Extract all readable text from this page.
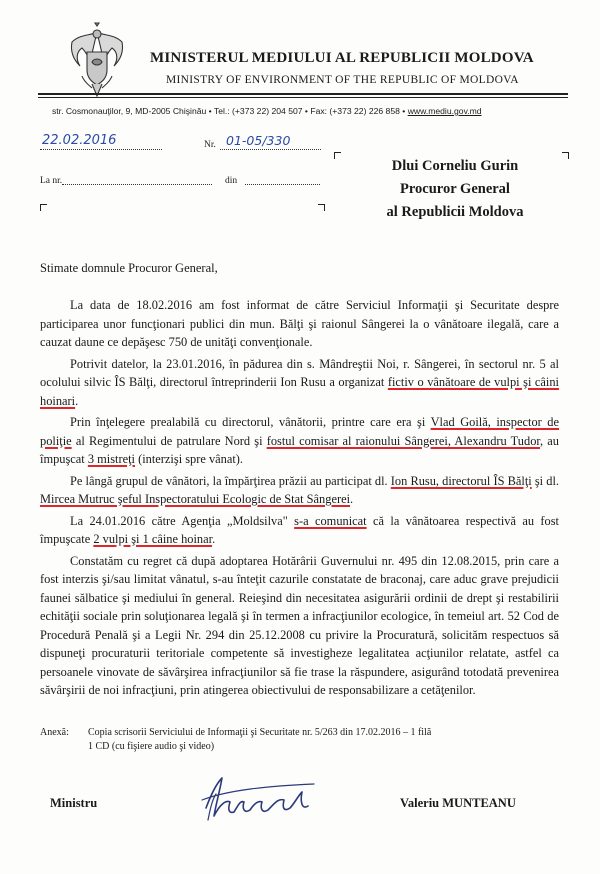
MINISTERUL MEDIULUI AL REPUBLICII MOLDOVA
MINISTRY OF ENVIRONMENT OF THE REPUBLIC OF MOLDOVA
str. Cosmonauţilor, 9, MD-2005 Chişinău • Tel.: (+373 22) 204 507 • Fax: (+373 22) 226 858 • www.mediu.gov.md
22.02.2016	Nr. 01-05/330
La nr.	din
Dlui Corneliu Gurin
Procuror General
al Republicii Moldova
Stimate domnule Procuror General,

La data de 18.02.2016 am fost informat de către Serviciul Informaţii şi Securitate despre participarea unor funcţionari publici din mun. Bălţi şi raionul Sângerei la o vânătoare ilegală, care a cauzat daune ce depăşesc 750 de unităţi convenţionale.

Potrivit datelor, la 23.01.2016, în pădurea din s. Mândreştii Noi, r. Sângerei, în sectorul nr. 5 al ocolului silvic ÎS Bălţi, directorul întreprinderii Ion Rusu a organizat fictiv o vânătoare de vulpi şi câini hoinari.

Prin înţelegere prealabilă cu directorul, vânătorii, printre care era şi Vlad Goilă, inspector de poliţie al Regimentului de patrulare Nord şi fostul comisar al raionului Sângerei, Alexandru Tudor, au împuşcat 3 mistreţi (interzişi spre vânat).

Pe lângă grupul de vânători, la împărţirea prăzii au participat dl. Ion Rusu, directorul ÎS Bălţi şi dl. Mircea Mutruc şeful Inspectoratului Ecologic de Stat Sângerei.

La 24.01.2016 către Agenţia „Moldsilva" s-a comunicat că la vânătoarea respectivă au fost împuşcate 2 vulpi şi 1 câine hoinar.

Constatăm cu regret că după adoptarea Hotărârii Guvernului nr. 495 din 12.08.2015, prin care a fost interzis şi/sau limitat vânatul, s-au înteţit cazurile constatate de braconaj, care aduc grave prejudicii faunei sălbatice şi mediului în general. Reieşind din necesitatea asigurării ordinii de drept şi restabilirii echităţii sociale prin soluţionarea legală şi în termen a infracţiunilor ecologice, în temeiul art. 52 Cod de Procedură Penală şi a Legii Nr. 294 din 25.12.2008 cu privire la Procuratură, solicităm respectuos să dispuneţi procuraturii teritoriale competente să investigheze legalitatea acţiunilor relatate, astfel ca persoanele vinovate de săvârşirea infracţiunilor să fie trase la răspundere, asigurând totodată prevenirea săvârşirii de noi infracţiuni, prin atingerea obiectivului de responsabilizare a cetăţenilor.

Anexă: Copia scrisorii Serviciului de Informaţii şi Securitate nr. 5/263 din 17.02.2016 – 1 filă
1 CD (cu fişiere audio şi video)
Ministru	Valeriu MUNTEANU
